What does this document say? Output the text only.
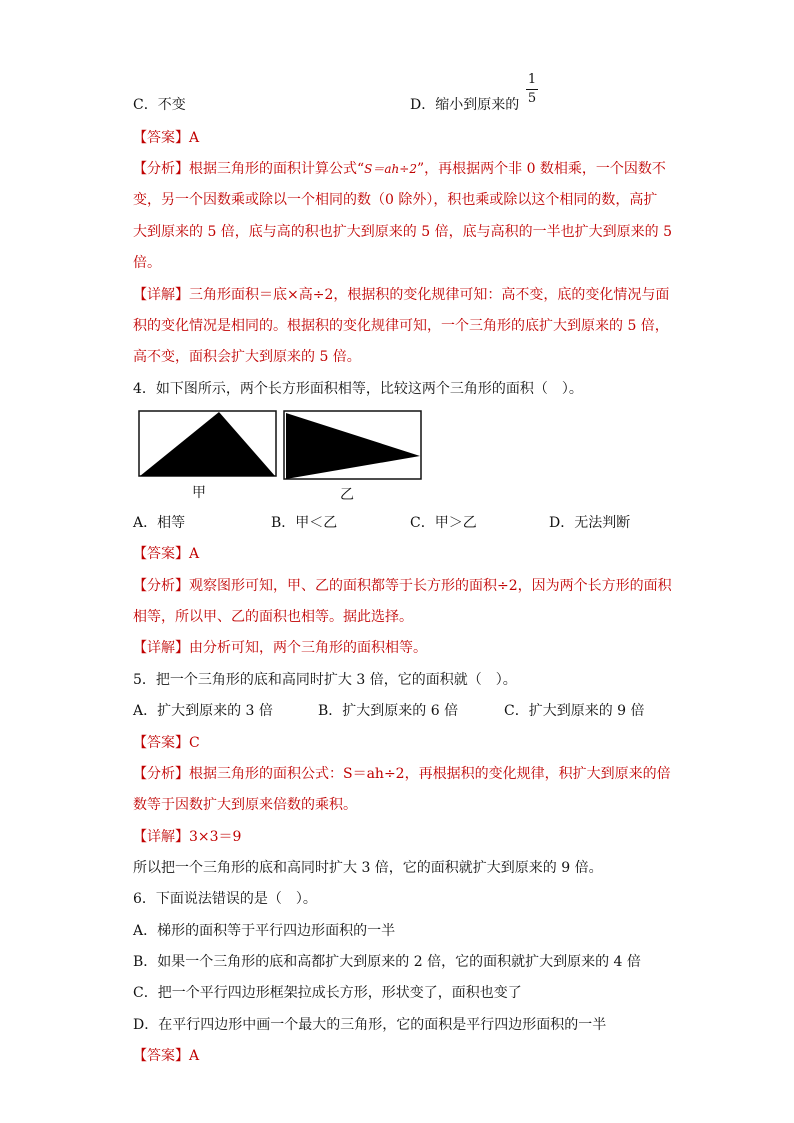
C．不变	D．缩小到原来的
1
5
【答案】A
【分析】根据三角形的面积计算公式“S＝ah÷2”，再根据两个非 0 数相乘，一个因数不
变，另一个因数乘或除以一个相同的数（0 除外），积也乘或除以这个相同的数，高扩
大到原来的 5 倍，底与高的积也扩大到原来的 5 倍，底与高积的一半也扩大到原来的 5
倍。
【详解】三角形面积＝底×高÷2，根据积的变化规律可知：高不变，底的变化情况与面
积的变化情况是相同的。根据积的变化规律可知，一个三角形的底扩大到原来的 5 倍，
高不变，面积会扩大到原来的 5 倍。
4．如下图所示，两个长方形面积相等，比较这两个三角形的面积（　）。
甲	乙
A．相等	B．甲＜乙	C．甲＞乙	D．无法判断
【答案】A
【分析】观察图形可知，甲、乙的面积都等于长方形的面积÷2，因为两个长方形的面积
相等，所以甲、乙的面积也相等。据此选择。
【详解】由分析可知，两个三角形的面积相等。
5．把一个三角形的底和高同时扩大 3 倍，它的面积就（　）。
A．扩大到原来的 3 倍	B．扩大到原来的 6 倍	C．扩大到原来的 9 倍
【答案】C
【分析】根据三角形的面积公式：S＝ah÷2，再根据积的变化规律，积扩大到原来的倍
数等于因数扩大到原来倍数的乘积。
【详解】3×3＝9
所以把一个三角形的底和高同时扩大 3 倍，它的面积就扩大到原来的 9 倍。
6．下面说法错误的是（　）。
A．梯形的面积等于平行四边形面积的一半
B．如果一个三角形的底和高都扩大到原来的 2 倍，它的面积就扩大到原来的 4 倍
C．把一个平行四边形框架拉成长方形，形状变了，面积也变了
D．在平行四边形中画一个最大的三角形，它的面积是平行四边形面积的一半
【答案】A
